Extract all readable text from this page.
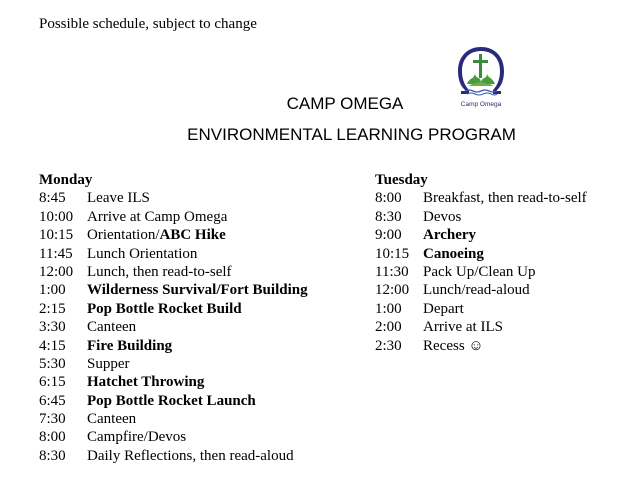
Possible schedule, subject to change
Camp Omega
CAMP OMEGA
ENVIRONMENTAL LEARNING PROGRAM
Monday
8:45 Leave ILS
10:00 Arrive at Camp Omega
10:15 Orientation/ABC Hike
11:45 Lunch Orientation
12:00 Lunch, then read-to-self
1:00 Wilderness Survival/Fort Building
2:15 Pop Bottle Rocket Build
3:30 Canteen
4:15 Fire Building
5:30 Supper
6:15 Hatchet Throwing
6:45 Pop Bottle Rocket Launch
7:30 Canteen
8:00 Campfire/Devos
8:30 Daily Reflections, then read-aloud
Tuesday
8:00 Breakfast, then read-to-self
8:30 Devos
9:00 Archery
10:15 Canoeing
11:30 Pack Up/Clean Up
12:00 Lunch/read-aloud
1:00 Depart
2:00 Arrive at ILS
2:30 Recess ☺
